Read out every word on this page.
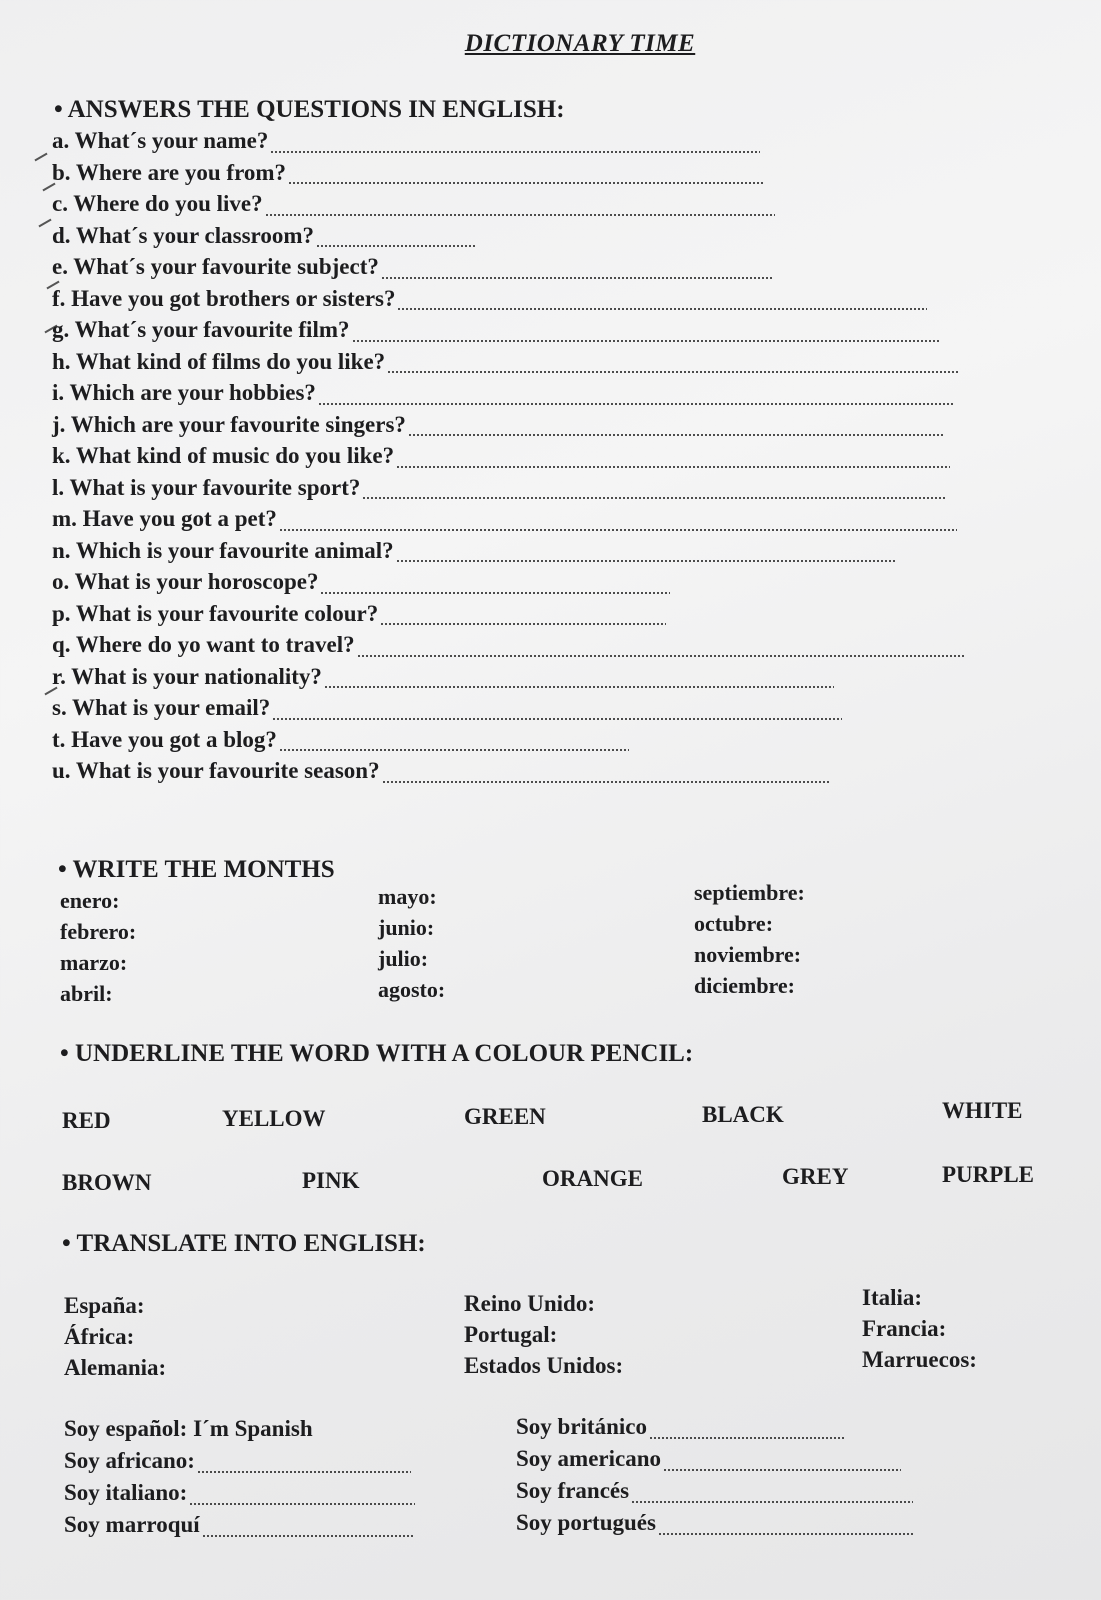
DICTIONARY TIME
• ANSWERS THE QUESTIONS IN ENGLISH:
a. What´s your name?
b. Where are you from?
c. Where do you live?
d. What´s your classroom?
e. What´s your favourite subject?
f. Have you got brothers or sisters?
g. What´s your favourite film?
h. What kind of films do you like?
i. Which are your hobbies?
j. Which are your favourite singers?
k. What kind of music do you like?
l. What is your favourite sport?
m. Have you got a pet?
n. Which is your favourite animal?
o. What is your horoscope?
p. What is your favourite colour?
q. Where do yo want to travel?
r. What is your nationality?
s. What is your email?
t. Have you got a blog?
u. What is your favourite season?
• WRITE THE MONTHS
enero:
febrero:
marzo:
abril:
mayo:
junio:
julio:
agosto:
septiembre:
octubre:
noviembre:
diciembre:
• UNDERLINE THE WORD WITH A COLOUR PENCIL:
RED	YELLOW	GREEN	BLACK	WHITE
BROWN	PINK	ORANGE	GREY	PURPLE
• TRANSLATE INTO ENGLISH:
España:
África:
Alemania:
Reino Unido:
Portugal:
Estados Unidos:
Italia:
Francia:
Marruecos:
Soy español: I´m Spanish
Soy africano:
Soy italiano:
Soy marroquí
Soy británico
Soy americano
Soy francés
Soy portugués
